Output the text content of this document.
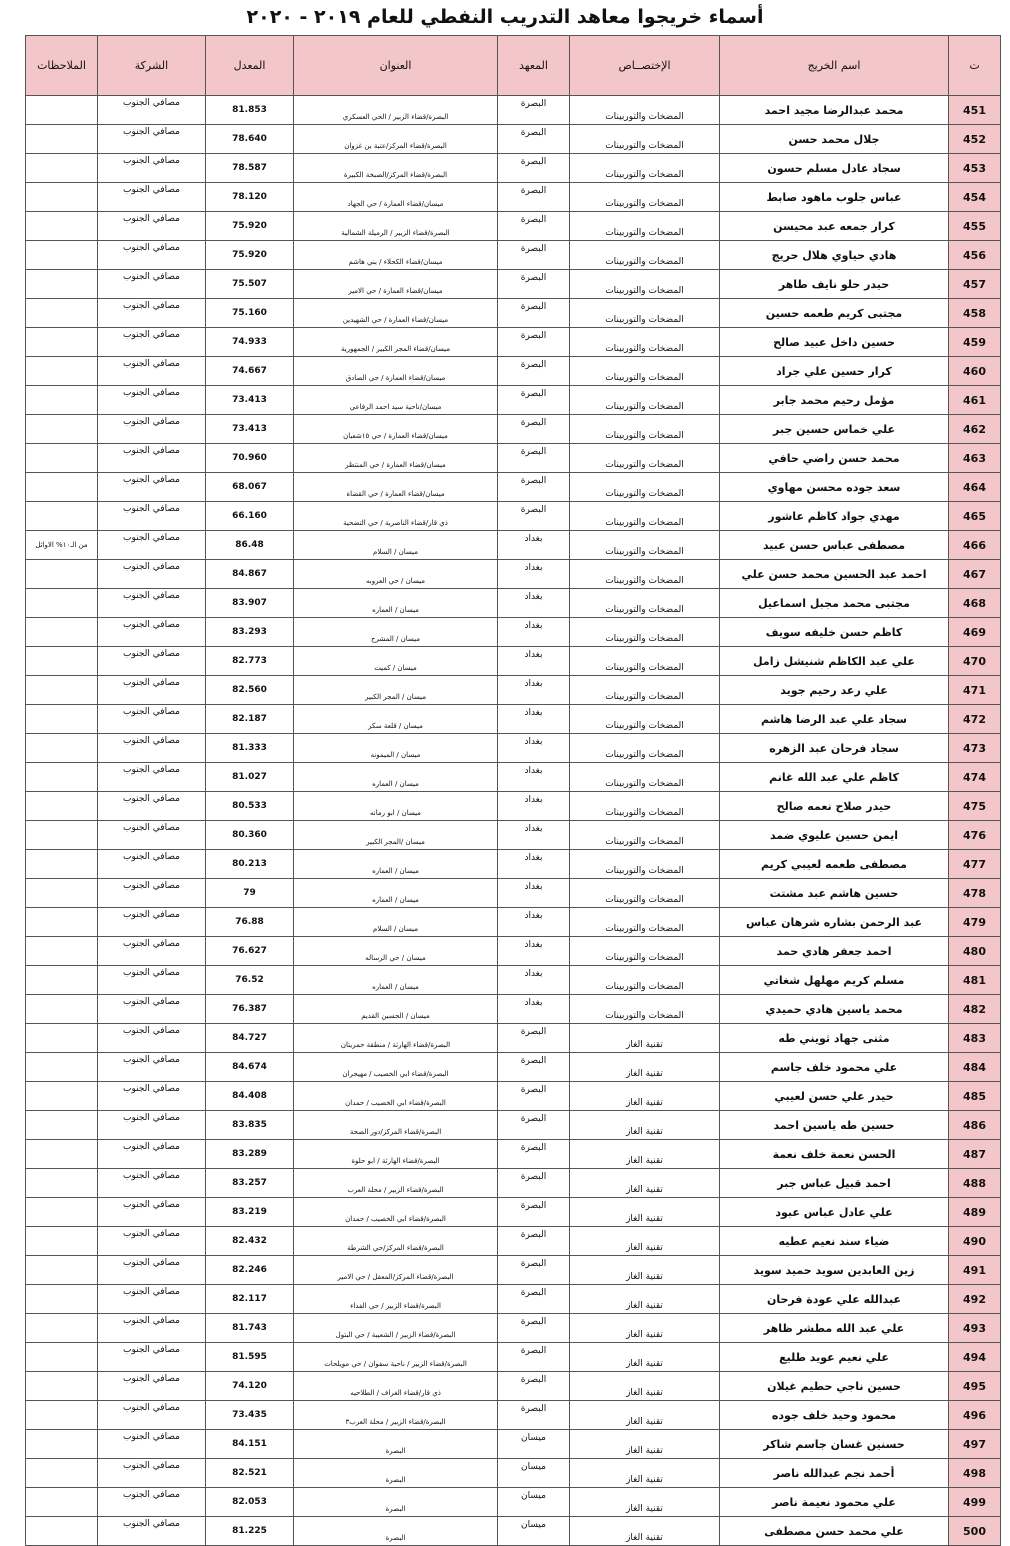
أسماء خريجوا معاهد التدريب النفطي للعام ٢٠١٩ - ٢٠٢٠
ت	اسم الخريج	الإختصــاص	المعهد	العنوان	المعدل	الشركة	الملاحظات
451	محمد عبدالرضا مجيد احمد	المضخات والتوربينات	البصرة	البصرة/قضاء الزبير / الحي العسكري	81.853	مصافي الجنوب	
452	جلال محمد حسن	المضخات والتوربينات	البصرة	البصرة/قضاء المركز/عتبة بن غزوان	78.640	مصافي الجنوب	
453	سجاد عادل مسلم حسون	المضخات والتوربينات	البصرة	البصرة/قضاء المركز/الصبخة الكبيرة	78.587	مصافي الجنوب	
454	عباس جلوب ماهود صابط	المضخات والتوربينات	البصرة	ميسان/قضاء العمارة / حي الجهاد	78.120	مصافي الجنوب	
455	كرار جمعه عبد محيسن	المضخات والتوربينات	البصرة	البصرة/قضاء الزبير / الرميلة الشمالية	75.920	مصافي الجنوب	
456	هادي حياوي هلال حريج	المضخات والتوربينات	البصرة	ميسان/قضاء الكحلاء / بني هاشم	75.920	مصافي الجنوب	
457	حيدر حلو نايف طاهر	المضخات والتوربينات	البصرة	ميسان/قضاء العمارة / حي الامير	75.507	مصافي الجنوب	
458	مجتبى كريم طعمه حسين	المضخات والتوربينات	البصرة	ميسان/قضاء العمارة / حي الشهيدين	75.160	مصافي الجنوب	
459	حسين داخل عبيد صالح	المضخات والتوربينات	البصرة	ميسان/قضاء المجر الكبير / الجمهورية	74.933	مصافي الجنوب	
460	كرار حسين علي جراد	المضخات والتوربينات	البصرة	ميسان/قضاء العمارة / حي الصادق	74.667	مصافي الجنوب	
461	مؤمل رحيم محمد جابر	المضخات والتوربينات	البصرة	ميسان/ناحية سيد احمد الرفاعي	73.413	مصافي الجنوب	
462	علي خماس حسين جبر	المضخات والتوربينات	البصرة	ميسان/قضاء العمارة / حي ١٥شعبان	73.413	مصافي الجنوب	
463	محمد حسن راضي حافي	المضخات والتوربينات	البصرة	ميسان/قضاء العمارة / حي المنتظر	70.960	مصافي الجنوب	
464	سعد جوده محسن مهاوي	المضخات والتوربينات	البصرة	ميسان/قضاء العمارة / حي القضاة	68.067	مصافي الجنوب	
465	مهدي جواد كاظم عاشور	المضخات والتوربينات	البصرة	ذي قار/قضاء الناصرية / حي التضحية	66.160	مصافي الجنوب	
466	مصطفى عباس حسن عبيد	المضخات والتوربينات	بغداد	ميسان / السلام	86.48	مصافي الجنوب	من الـ١٠% الاوائل
467	احمد عبد الحسين محمد حسن علي	المضخات والتوربينات	بغداد	ميسان / حي العروبه	84.867	مصافي الجنوب	
468	مجتبى محمد مجبل اسماعيل	المضخات والتوربينات	بغداد	ميسان / العماره	83.907	مصافي الجنوب	
469	كاظم حسن خليفه سويف	المضخات والتوربينات	بغداد	ميسان / المشرح	83.293	مصافي الجنوب	
470	علي عبد الكاظم شنيشل زامل	المضخات والتوربينات	بغداد	ميسان / كميت	82.773	مصافي الجنوب	
471	علي رعد رحيم جويد	المضخات والتوربينات	بغداد	ميسان / المجر الكبير	82.560	مصافي الجنوب	
472	سجاد علي عبد الرضا هاشم	المضخات والتوربينات	بغداد	ميسان / قلعة سكر	82.187	مصافي الجنوب	
473	سجاد فرحان عبد الزهره	المضخات والتوربينات	بغداد	ميسان / الميمونه	81.333	مصافي الجنوب	
474	كاظم علي عبد الله غانم	المضخات والتوربينات	بغداد	ميسان / العماره	81.027	مصافي الجنوب	
475	حيدر صلاح نعمه صالح	المضخات والتوربينات	بغداد	ميسان / ابو رمانه	80.533	مصافي الجنوب	
476	ايمن حسين عليوي ضمد	المضخات والتوربينات	بغداد	ميسان /المجر الكبير	80.360	مصافي الجنوب	
477	مصطفى طعمه لعيبي كريم	المضخات والتوربينات	بغداد	ميسان / العماره	80.213	مصافي الجنوب	
478	حسين هاشم عبد مشتت	المضخات والتوربينات	بغداد	ميسان / العماره	79	مصافي الجنوب	
479	عبد الرحمن بشاره شرهان عباس	المضخات والتوربينات	بغداد	ميسان / السلام	76.88	مصافي الجنوب	
480	احمد جعفر هادي حمد	المضخات والتوربينات	بغداد	ميسان / حي الرساله	76.627	مصافي الجنوب	
481	مسلم كريم مهلهل شغاتي	المضخات والتوربينات	بغداد	ميسان / العماره	76.52	مصافي الجنوب	
482	محمد ياسين هادي حميدي	المضخات والتوربينات	بغداد	ميسان / الحسين القديم	76.387	مصافي الجنوب	
483	مثنى جهاد ثويني طه	تقنية الغاز	البصرة	البصرة/قضاء الهارثة / منطقة حمريتان	84.727	مصافي الجنوب	
484	علي محمود خلف جاسم	تقنية الغاز	البصرة	البصرة/قضاء ابي الخصيب / مهيجران	84.674	مصافي الجنوب	
485	حيدر علي حسن لعيبي	تقنية الغاز	البصرة	البصرة/قضاء ابي الخصيب / حمدان	84.408	مصافي الجنوب	
486	حسين طه ياسين احمد	تقنية الغاز	البصرة	البصرة/قضاء المركز/دور الصحة	83.835	مصافي الجنوب	
487	الحسن نعمة خلف نعمة	تقنية الغاز	البصرة	البصرة/قضاء الهارثة / ابو حلوة	83.289	مصافي الجنوب	
488	احمد قبيل عباس جبر	تقنية الغاز	البصرة	البصرة/قضاء الزبير / محلة العرب	83.257	مصافي الجنوب	
489	علي عادل عباس عبود	تقنية الغاز	البصرة	البصرة/قضاء ابي الخصيب / حمدان	83.219	مصافي الجنوب	
490	ضياء سند نعيم عطيه	تقنية الغاز	البصرة	البصرة/قضاء المركز/حي الشرطة	82.432	مصافي الجنوب	
491	زين العابدين سويد حميد سويد	تقنية الغاز	البصرة	البصرة/قضاء المركز/المعقل / حي الامير	82.246	مصافي الجنوب	
492	عبدالله علي عودة فرحان	تقنية الغاز	البصرة	البصرة/قضاء الزبير / حي الفداء	82.117	مصافي الجنوب	
493	علي عبد الله مطشر ظاهر	تقنية الغاز	البصرة	البصرة/قضاء الزبير / الشعيبة / حي البتول	81.743	مصافي الجنوب	
494	علي نعيم عويد طليع	تقنية الغاز	البصرة	البصرة/قضاء الزبير / ناحية سفوان / حي مويلحات	81.595	مصافي الجنوب	
495	حسين ناجي حطيم غيلان	تقنية الغاز	البصرة	ذي قار/قضاء الغراف / الطلاحيه	74.120	مصافي الجنوب	
496	محمود وحيد خلف جوده	تقنية الغاز	البصرة	البصرة/قضاء الزبير / محلة العرب٣	73.435	مصافي الجنوب	
497	حسنين غسان جاسم شاكر	تقنية الغاز	ميسان	البصرة	84.151	مصافي الجنوب	
498	أحمد نجم عبدالله ناصر	تقنية الغاز	ميسان	البصرة	82.521	مصافي الجنوب	
499	علي محمود نعيمة ناصر	تقنية الغاز	ميسان	البصرة	82.053	مصافي الجنوب	
500	علي محمد حسن مصطفى	تقنية الغاز	ميسان	البصرة	81.225	مصافي الجنوب	
